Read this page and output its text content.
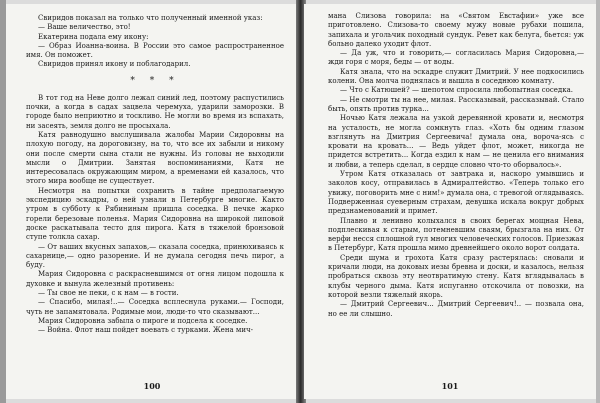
Свиридов показал на только что полученный именной указ:

— Ваше величество, это!

Екатерина подала ему икону:

— Образ Иоанна-воина. В России это самое распространенное имя. Он поможет.

Свиридов принял икону и поблагодарил.

* * *

В тот год на Неве долго лежал синий лед, поэтому распустились почки, а когда в садах зацвела черемуха, ударили заморозки. В городе было неприютно и тоскливо. Не могли во время из вспахать, ни засеять, земля долго не просыхала.

Катя равнодушно выслушивала жалобы Марии Сидоровны на плохую погоду, на дороговизну, на то, что все их забыли и никому они после смерти сына стали не нужны. Из головы не выходили мысли о Дмитрии. Занятая воспоминаниями, Катя не интересовалась окружающим миром, а временами ей казалось, что этого мира вообще не существует.

Несмотря на попытки сохранить в тайне предполагаемую экспедицию эскадры, о ней узнали в Петербурге многие. Както утром в субботу к Рябининым пришла соседка. В печке жарко горели березовые поленья. Мария Сидоровна на широкой липовой доске раскатывала тесто для пирога. Катя в тяжелой бронзовой ступе толкла сахар.

— От ваших вкусных запахов,— сказала соседка, принюхиваясь к сахарнице,— одно разорение. И не думала сегодня печь пирог, а буду.

Мария Сидоровна с раскрасневшимся от огня лицом подошла к духовке и вынула железный противень:

— Ты свое не пеки, с к нам — в гости.

— Спасибо, милая!..— Соседка всплеснула руками.— Господи, чуть не запамятовала. Родимые мои, люди-то что сказывают...

Мария Сидоровна забыла о пироге и подсела к соседке.

— Война. Флот наш пойдет воевать с турками. Жена мич-

100

мана Слизова говорила: на «Святом Евстафии» уже все приготовлено. Слизова-то своему мужу новые рубахи пошила, запихала и угольчик походный сундук. Ревет как белуга, бьется: уж больно далеко уходит флот.

— Да уж, что и говорить,— согласилась Мария Сидоровна,— жди горя с моря, беды — от воды.

Катя знала, что на эскадре служит Дмитрий. У нее подкосились колени. Она молча поднялась и вышла в соседнюю комнату.

— Что с Катюшей? — шепотом спросила любопытная соседка.

— Не смотри ты на нее, милая. Рассказывай, рассказывай. Стало быть, опять против турка...

Ночью Катя лежала на узкой деревянной кровати и, несмотря на усталость, не могла сомкнуть глаз. «Хоть бы одним глазом взглянуть на Дмитрия Сергеевича! думала она, вороча-ясь с кровати на кровать... — Ведь уйдет флот, может, никогда не придется встретить... Когда ездил к нам — не ценила его внимания и любви, а теперь сделал, в сердце словно что-то оборвалось».

Утром Катя отказалась от завтрака и, наскоро умывшись и заколов косу, отправилась в Адмиралтейство. «Теперь только его увижу, поговорить мне с ним!» думала она, с тревогой оглядываясь. Подверженная суеверным страхам, девушка искала вокруг добрых предзнаменований и примет.

Плавно и ленивно колыхался в своих берегах мощная Нева, подплескивая к старым, потемневшим сваям, брызгала на них. От верфи несся сплошной гул многих человеческих голосов. Приезжая в Петербург, Катя прошла мимо древнейшего около ворот солдата.

Среди шума и грохота Катя сразу растерялась: сновали и кричали люди, на доковых иезы бревна и доски, и казалось, нельзя пробраться сквозь эту неотвратимую стену. Катя вглядывалась в клубы черного дыма. Катя испуганно отскочила от повозки, на которой везли тяжелый якорь.

— Дмитрий Сергеевич... Дмитрий Сергеевич!.. — позвала она, но ее ли слышно.

101
